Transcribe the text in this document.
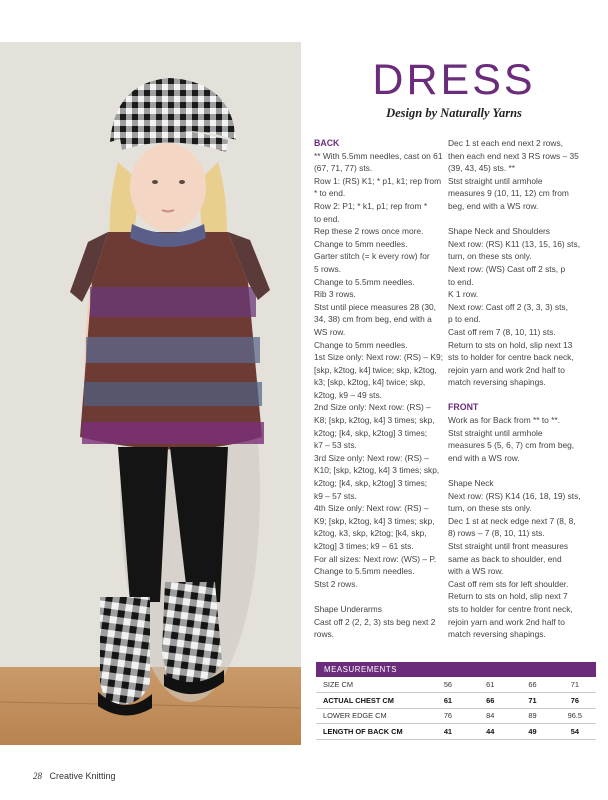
DRESS
Design by Naturally Yarns
BACK
** With 5.5mm needles, cast on 61
(67, 71, 77) sts.
Row 1: (RS) K1; * p1, k1; rep from
* to end.
Row 2: P1; * k1, p1; rep from *
to end.
Rep these 2 rows once more.
Change to 5mm needles.
Garter stitch (= k every row) for
5 rows.
Change to 5.5mm needles.
Rib 3 rows.
Stst until piece measures 28 (30,
34, 38) cm from beg, end with a
WS row.
Change to 5mm needles.
1st Size only: Next row: (RS) – K9;
[skp, k2tog, k4] twice; skp, k2tog,
k3; [skp, k2tog, k4] twice; skp,
k2tog, k9 – 49 sts.
2nd Size only: Next row: (RS) –
K8; [skp, k2tog, k4] 3 times; skp,
k2tog; [k4, skp, k2tog] 3 times;
k7 – 53 sts.
3rd Size only: Next row: (RS) –
K10; [skp, k2tog, k4] 3 times; skp,
k2tog; [k4, skp, k2tog] 3 times;
k9 – 57 sts.
4th Size only: Next row: (RS) –
K9; [skp, k2tog, k4] 3 times; skp,
k2tog, k3, skp, k2tog; [k4, skp,
k2tog] 3 times; k9 – 61 sts.
For all sizes: Next row: (WS) – P.
Change to 5.5mm needles.
Stst 2 rows.
Shape Underarms
Cast off 2 (2, 2, 3) sts beg next 2
rows.
Dec 1 st each end next 2 rows,
then each end next 3 RS rows – 35
(39, 43, 45) sts. **
Stst straight until armhole
measures 9 (10, 11, 12) cm from
beg, end with a WS row.
Shape Neck and Shoulders
Next row: (RS) K11 (13, 15, 16) sts,
turn, on these sts only.
Next row: (WS) Cast off 2 sts, p
to end.
K 1 row.
Next row: Cast off 2 (3, 3, 3) sts,
p to end.
Cast off rem 7 (8, 10, 11) sts.
Return to sts on hold, slip next 13
sts to holder for centre back neck,
rejoin yarn and work 2nd half to
match reversing shapings.
FRONT
Work as for Back from ** to **.
Stst straight until armhole
measures 5 (5, 6, 7) cm from beg,
end with a WS row.
Shape Neck
Next row: (RS) K14 (16, 18, 19) sts,
turn, on these sts only.
Dec 1 st at neck edge next 7 (8, 8,
8) rows – 7 (8, 10, 11) sts.
Stst straight until front measures
same as back to shoulder, end
with a WS row.
Cast off rem sts for left shoulder.
Return to sts on hold, slip next 7
sts to holder for centre front neck,
rejoin yarn and work 2nd half to
match reversing shapings.
MEASUREMENTS
SIZE CM	56	61	66	71
ACTUAL CHEST CM	61	66	71	76
LOWER EDGE CM	76	84	89	96.5
LENGTH OF BACK CM	41	44	49	54
28 Creative Knitting
